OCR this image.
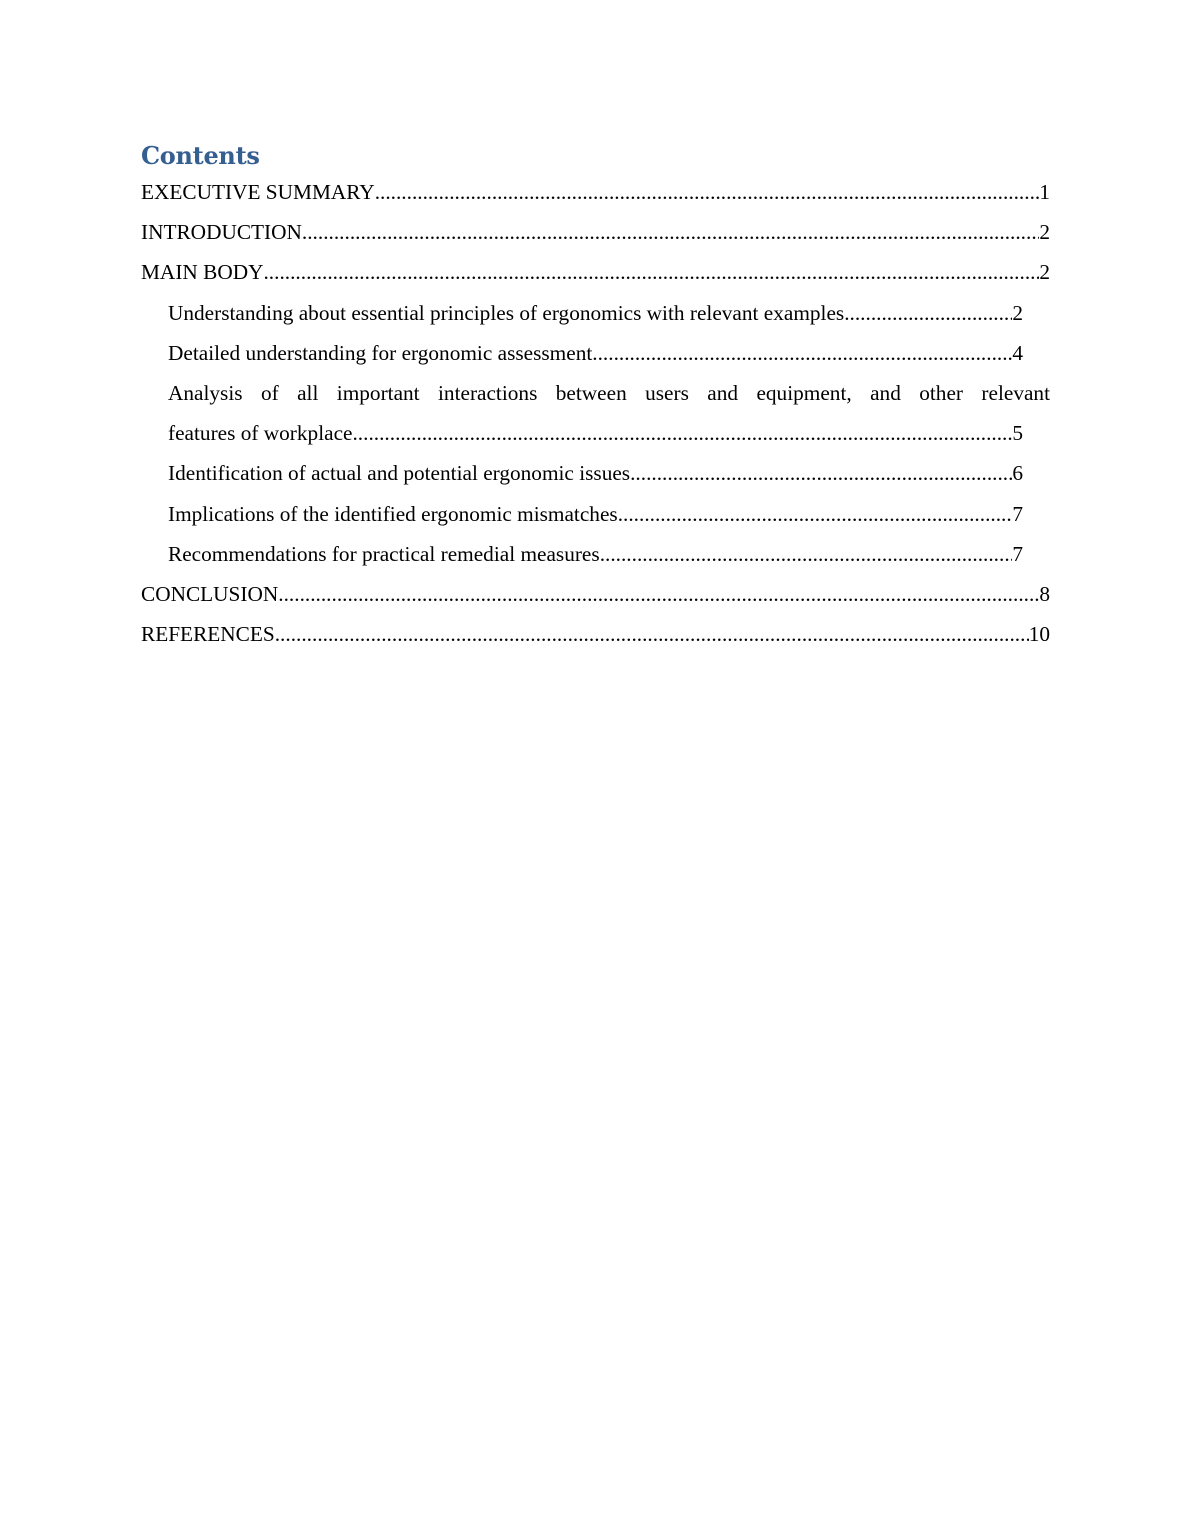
Contents
EXECUTIVE SUMMARY .....	1
INTRODUCTION .....	2
MAIN BODY .....	2
Understanding about essential principles of ergonomics with relevant examples .....	2
Detailed understanding for ergonomic assessment .....	4
Analysis of all important interactions between users and equipment, and other relevant
features of workplace .....	5
Identification of actual and potential ergonomic issues .....	6
Implications of the identified ergonomic mismatches .....	7
Recommendations for practical remedial measures .....	7
CONCLUSION .....	8
REFERENCES .....	10
